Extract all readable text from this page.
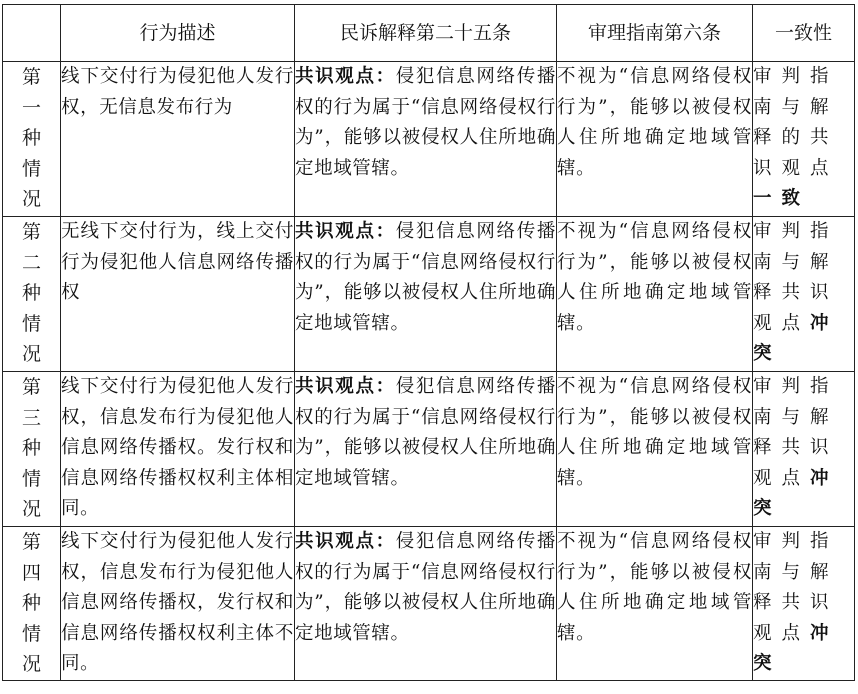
	行为描述	民诉解释第二十五条	审理指南第六条	一致性

第
一
种
情
况	线下交付行为侵犯他人发行权，无信息发布行为	共识观点：侵犯信息网络传播权的行为属于“信息网络侵权行为”，能够以被侵权人住所地确定地域管辖。	不视为“信息网络侵权行为”，能够以被侵权人住所地确定地域管辖。	审判指南与解释的共识观点一致

第
二
种
情
况	无线下交付行为，线上交付行为侵犯他人信息网络传播权	共识观点：侵犯信息网络传播权的行为属于“信息网络侵权行为”，能够以被侵权人住所地确定地域管辖。	不视为“信息网络侵权行为”，能够以被侵权人住所地确定地域管辖。	审判指南与解释共识观点冲突

第
三
种
情
况	线下交付行为侵犯他人发行权，信息发布行为侵犯他人信息网络传播权。发行权和信息网络传播权权利主体相同。	共识观点：侵犯信息网络传播权的行为属于“信息网络侵权行为”，能够以被侵权人住所地确定地域管辖。	不视为“信息网络侵权行为”，能够以被侵权人住所地确定地域管辖。	审判指南与解释共识观点冲突

第
四
种
情
况	线下交付行为侵犯他人发行权，信息发布行为侵犯他人信息网络传播权，发行权和信息网络传播权权利主体不同。	共识观点：侵犯信息网络传播权的行为属于“信息网络侵权行为”，能够以被侵权人住所地确定地域管辖。	不视为“信息网络侵权行为”，能够以被侵权人住所地确定地域管辖。	审判指南与解释共识观点冲突
